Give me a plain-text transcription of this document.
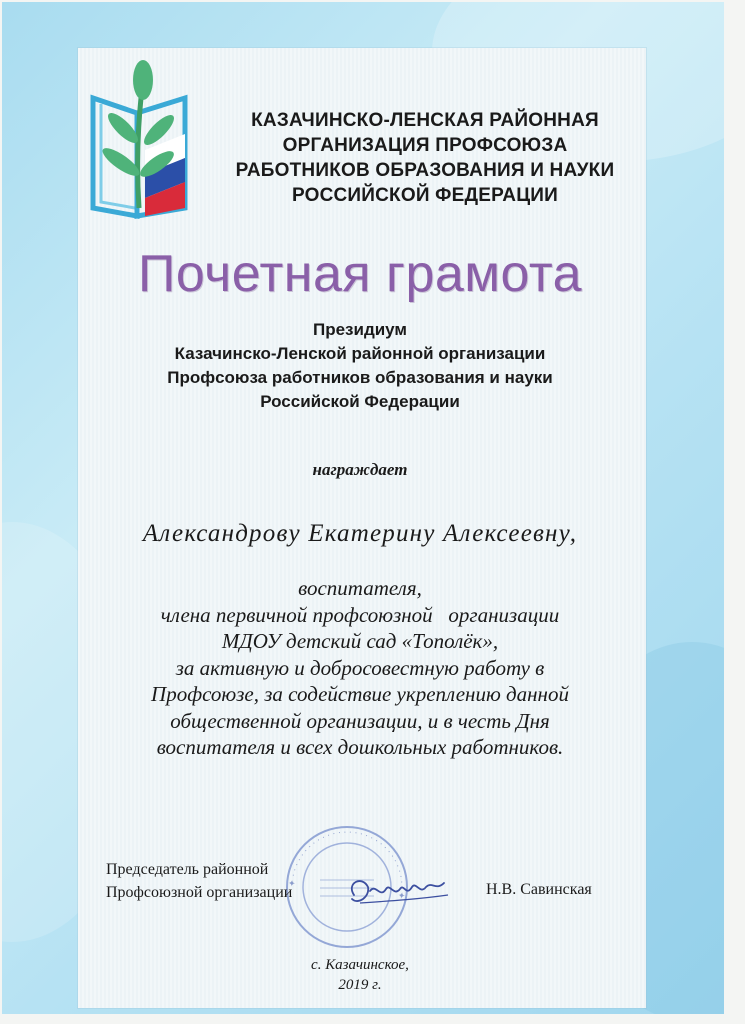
КАЗАЧИНСКО-ЛЕНСКАЯ РАЙОННАЯ
ОРГАНИЗАЦИЯ ПРОФСОЮЗА
РАБОТНИКОВ ОБРАЗОВАНИЯ И НАУКИ
РОССИЙСКОЙ ФЕДЕРАЦИИ
Почетная грамота
Президиум
Казачинско-Ленской районной организации
Профсоюза работников образования и науки
Российской Федерации
награждает
Александрову Екатерину Алексеевну,
воспитателя,
члена первичной профсоюзной   организации
МДОУ детский сад «Тополёк»,
за активную и добросовестную работу в
Профсоюзе, за содействие укреплению данной
общественной организации, и в честь Дня
воспитателя и всех дошкольных работников.
✦ · · · · · · · · · · · · · · · · · · · · · · · · · · · · · · ✦
Председатель районной
Профсоюзной организации	Н.В. Савинская
с. Казачинское,
2019 г.
